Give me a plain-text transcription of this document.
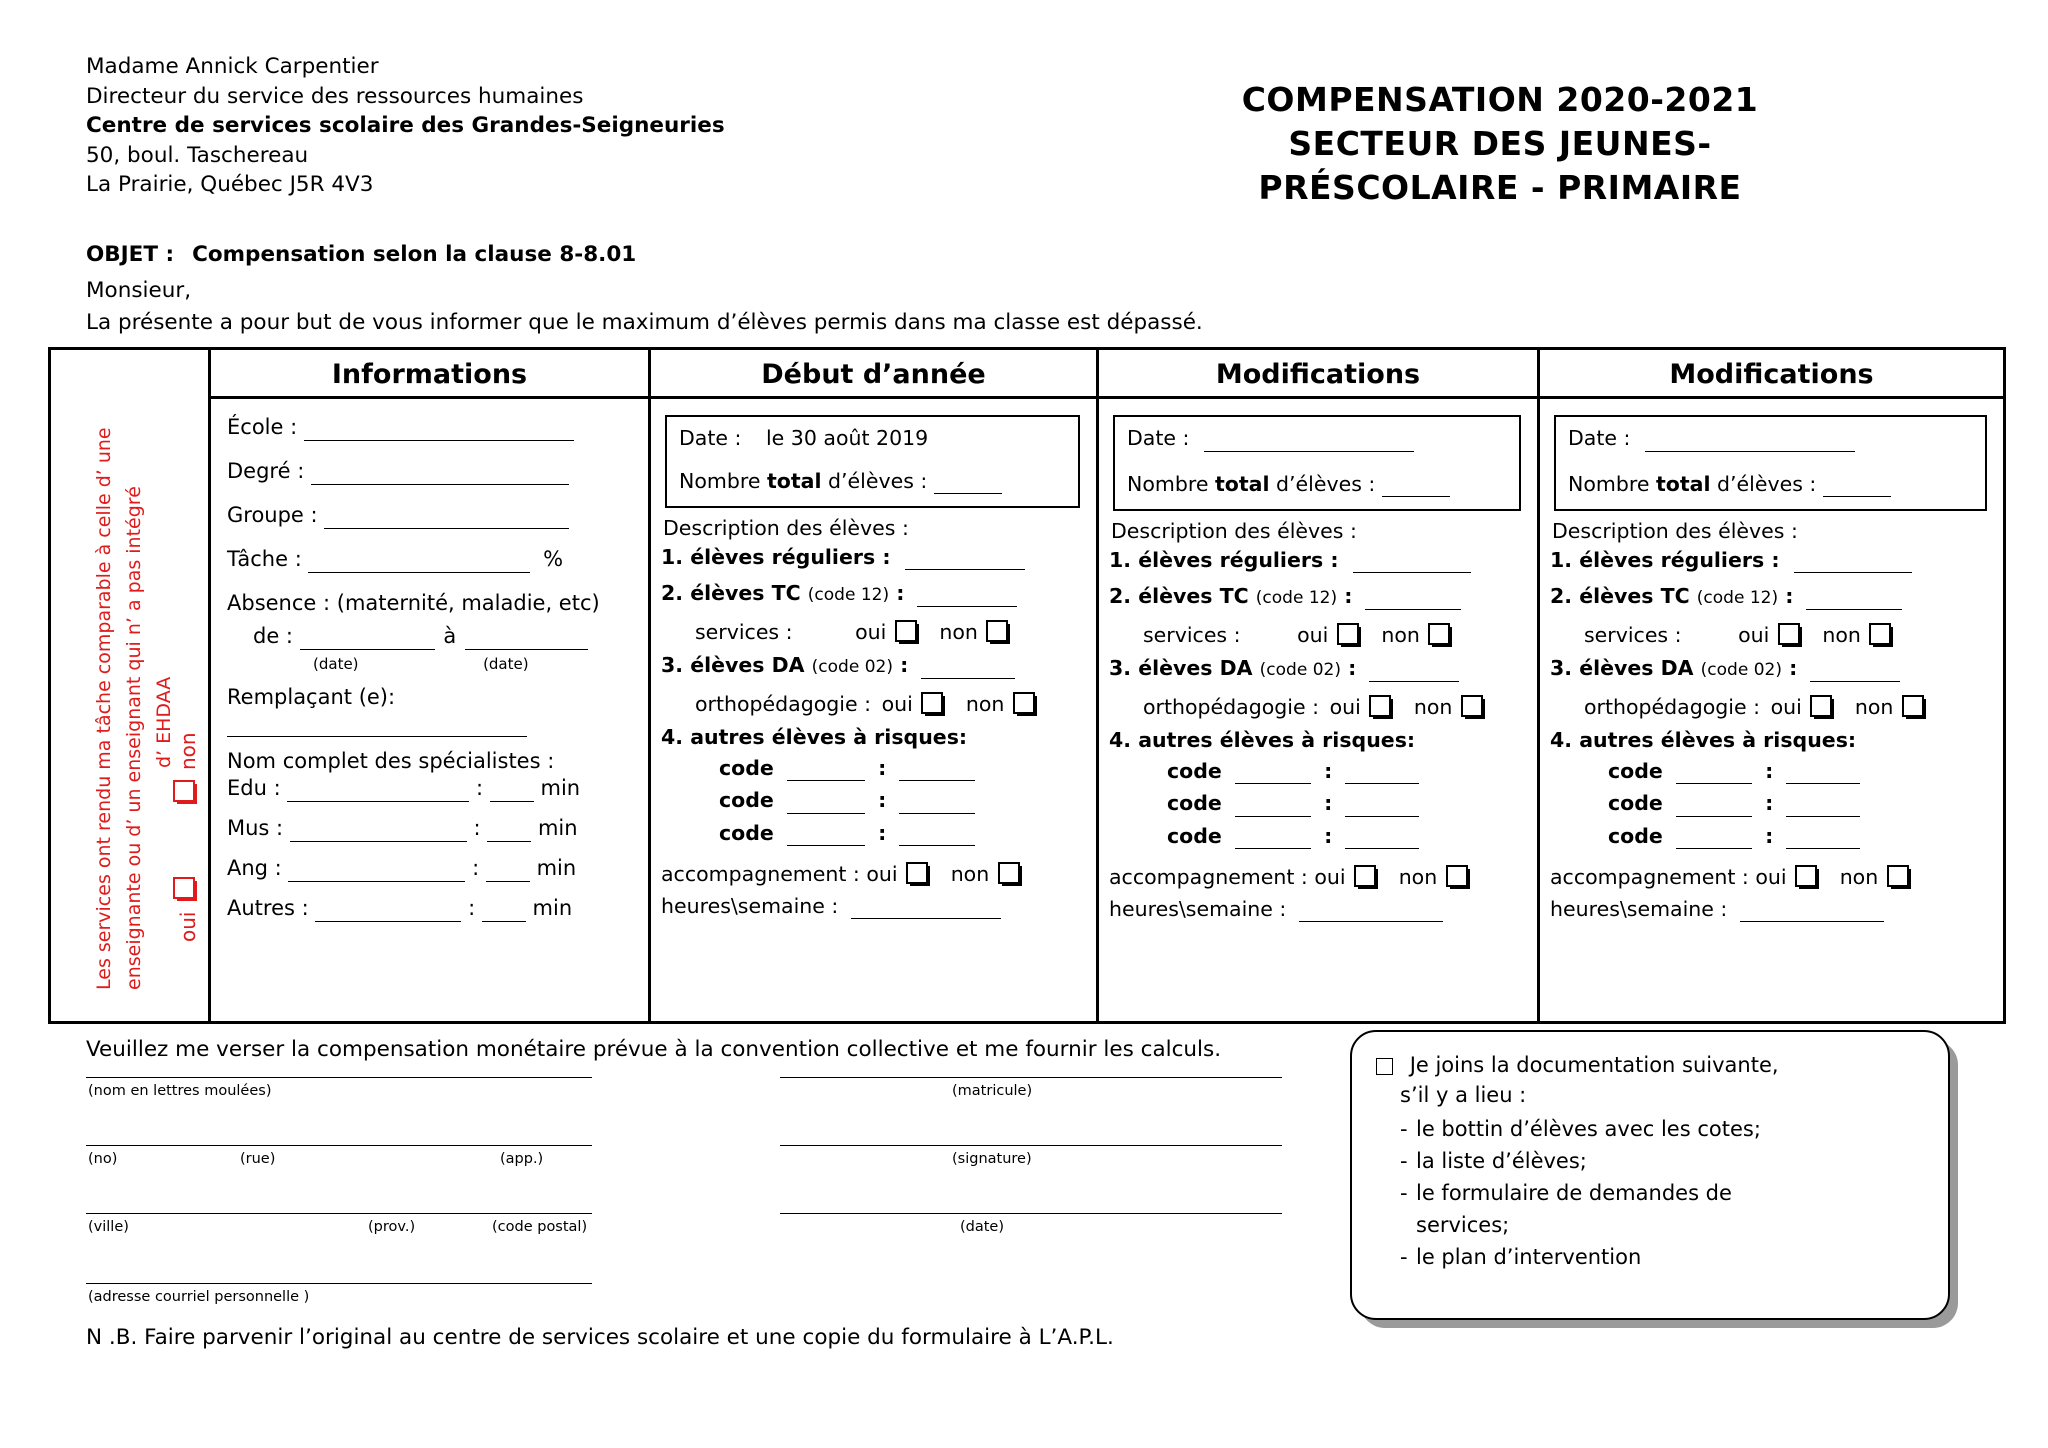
Madame Annick Carpentier
Directeur du service des ressources humaines
Centre de services scolaire des Grandes-Seigneuries
50, boul. Taschereau
La Prairie, Québec J5R 4V3
COMPENSATION 2020-2021
SECTEUR DES JEUNES-
PRÉSCOLAIRE - PRIMAIRE
OBJET : Compensation selon la clause 8-8.01
Monsieur,
La présente a pour but de vous informer que le maximum d’élèves permis dans ma classe est dépassé.
Les services ont rendu ma tâche comparable à celle d’ une enseignante ou d’ un enseignant qui n’ a pas intégré d’ EHDAA non
oui
Informations
École :
Degré :
Groupe :
Tâche :	%
Absence : (maternité, maladie, etc)
de :	à
(date)	(date)
Remplaçant (e):

Nom complet des spécialistes :
Edu :	:	min
Mus :	:	min
Ang :	:	min
Autres :	:	min
Début d’année
Date : le 30 août 2019
Nombre total d’élèves :
Description des élèves :
1. élèves réguliers :
2. élèves TC (code 12) :
services :	oui	non
3. élèves DA (code 02) :
orthopédagogie : oui	non
4. autres élèves à risques:
code	:
code	:
code	:
accompagnement : oui	non
heures\semaine :
Modifications
Date :
Nombre total d’élèves :
Description des élèves :
1. élèves réguliers :
2. élèves TC (code 12) :
services :	oui	non
3. élèves DA (code 02) :
orthopédagogie : oui	non
4. autres élèves à risques:
code	:
code	:
code	:
accompagnement : oui	non
heures\semaine :
Modifications
Date :
Nombre total d’élèves :
Description des élèves :
1. élèves réguliers :
2. élèves TC (code 12) :
services :	oui	non
3. élèves DA (code 02) :
orthopédagogie : oui	non
4. autres élèves à risques:
code	:
code	:
code	:
accompagnement : oui	non
heures\semaine :
Veuillez me verser la compensation monétaire prévue à la convention collective et me fournir les calculs.
(nom en lettres moulées)
(no)	(rue)	(app.)
(ville)	(prov.)	(code postal)
(adresse courriel personnelle )
(matricule)
(signature)
(date)
N .B. Faire parvenir l’original au centre de services scolaire et une copie du formulaire à L’A.P.L.
Je joins la documentation suivante,
s’il y a lieu :
- le bottin d’élèves avec les cotes;
- la liste d’élèves;
- le formulaire de demandes de
services;
- le plan d’intervention
